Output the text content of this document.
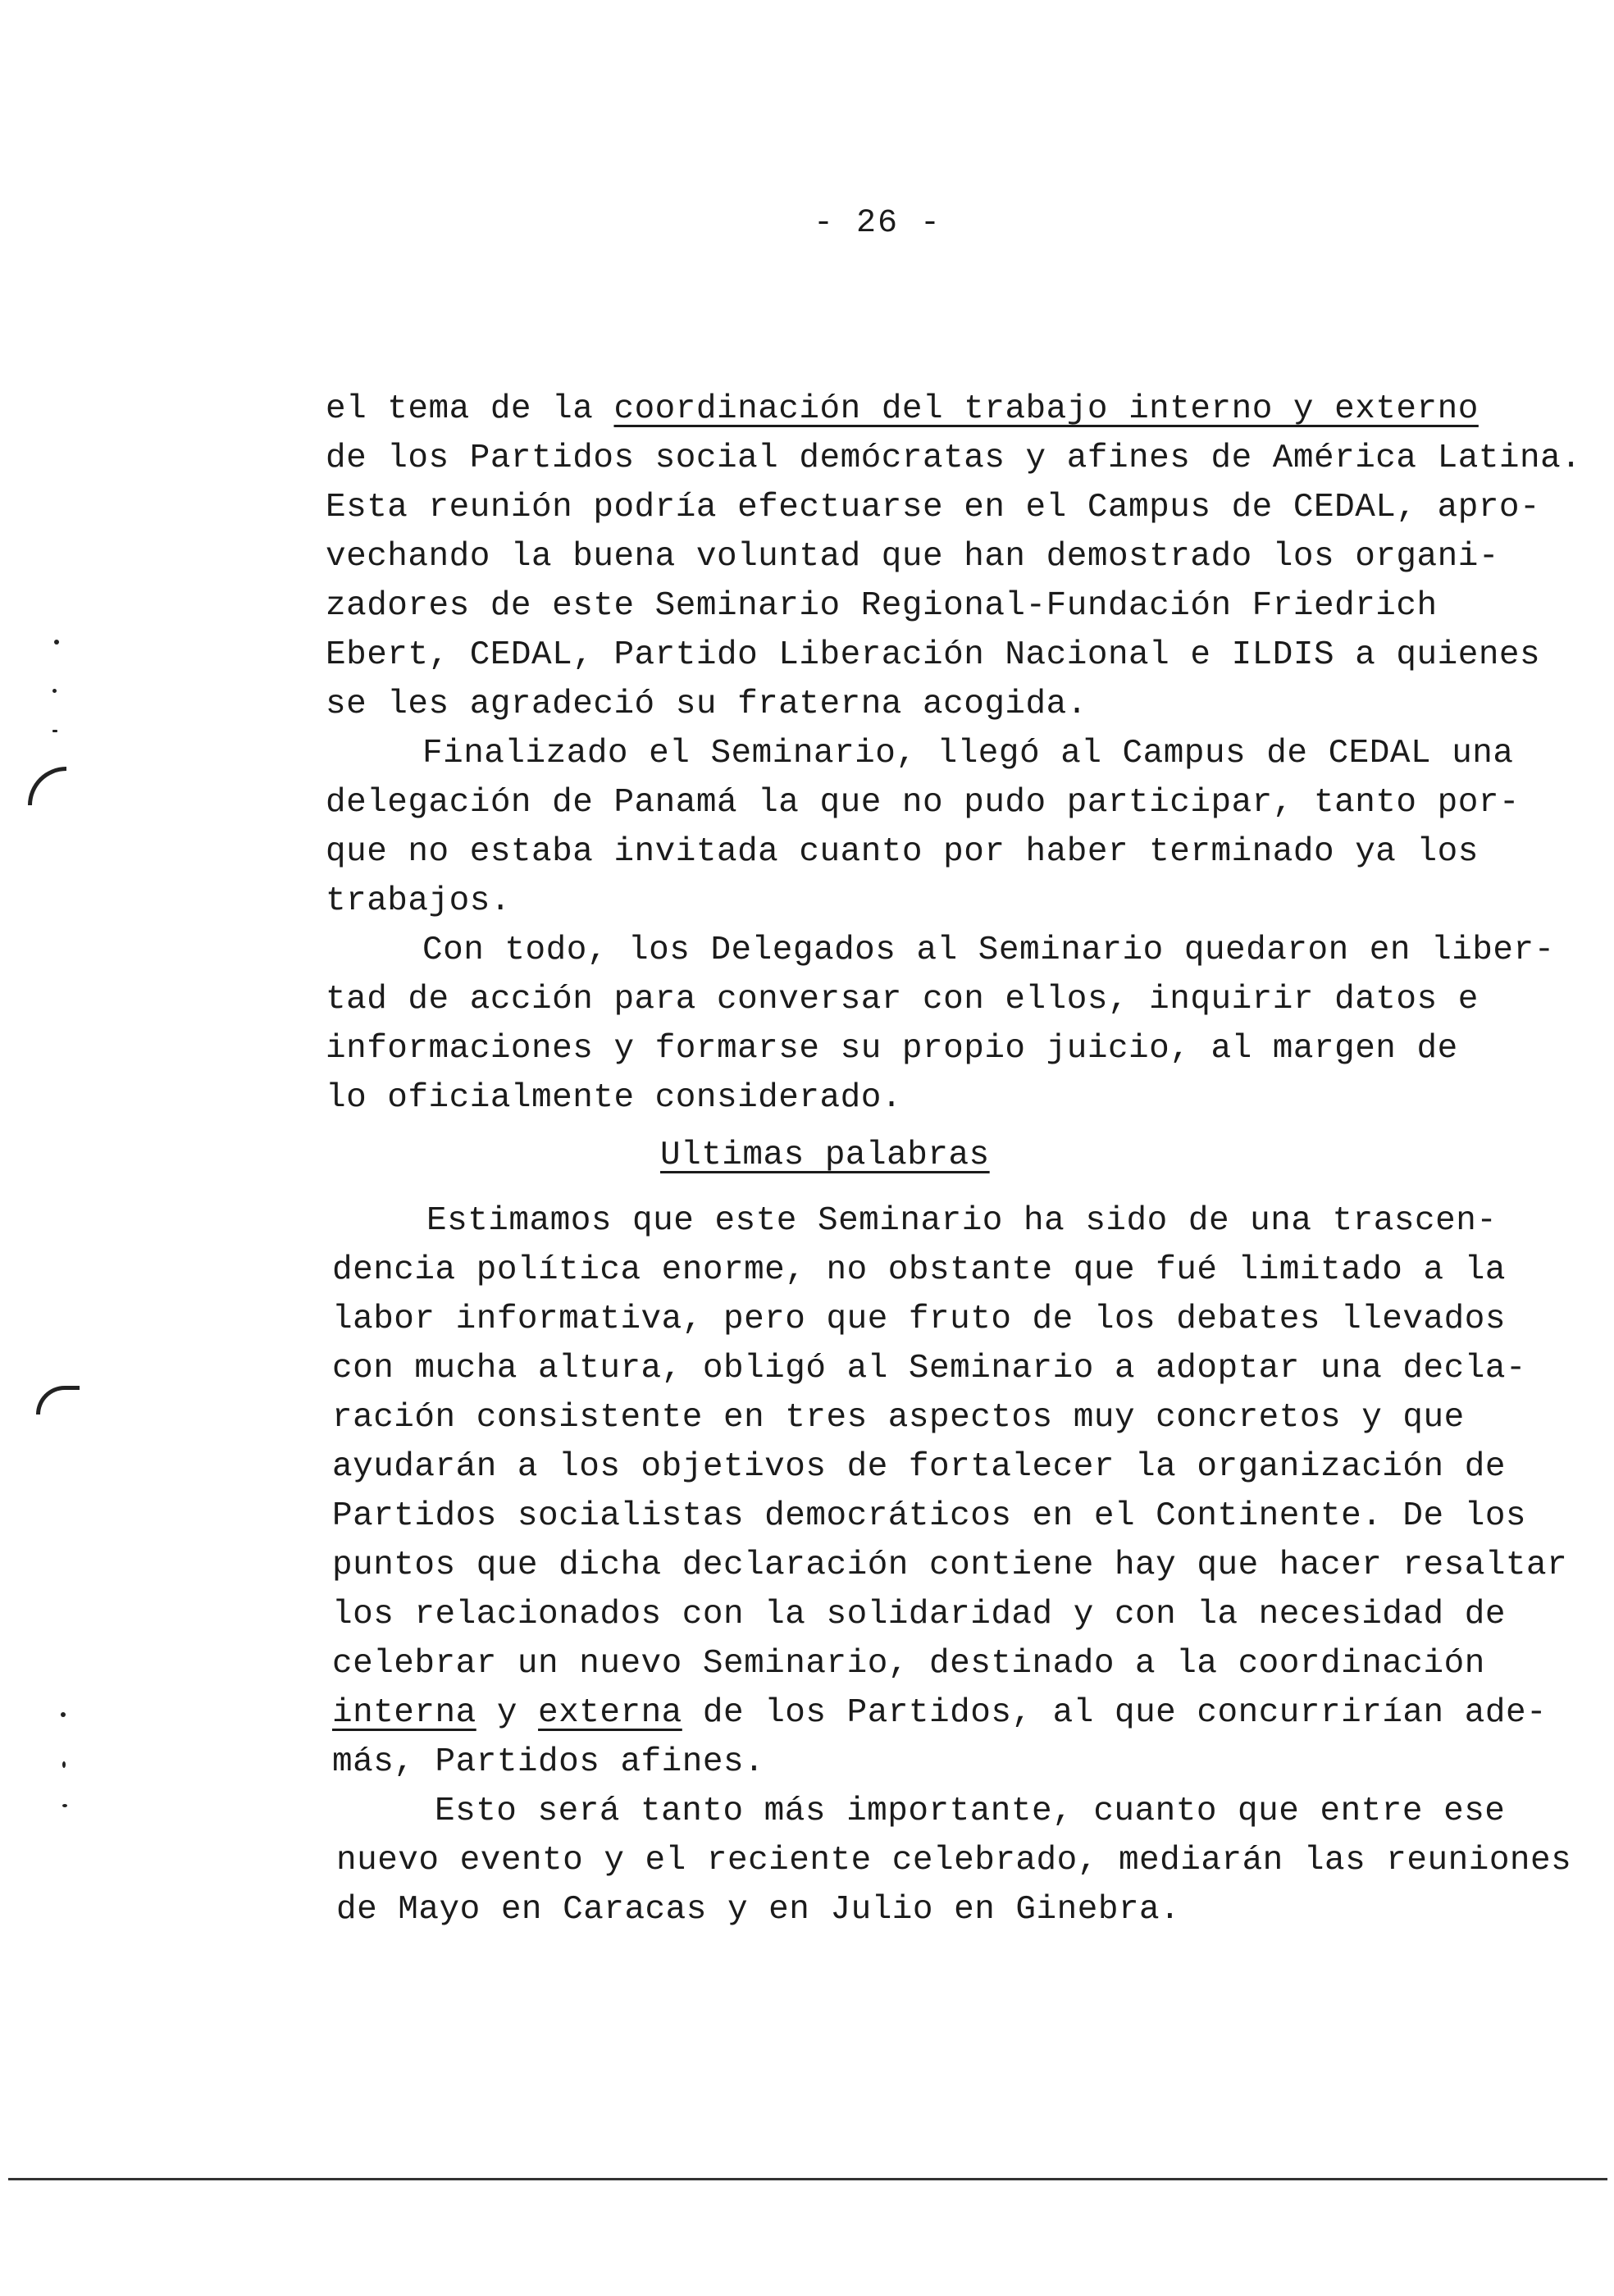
- 26 -
el tema de la coordinación del trabajo interno y externo
de los Partidos social demócratas y afines de América Latina.
Esta reunión podría efectuarse en el Campus de CEDAL, apro-
vechando la buena voluntad que han demostrado los organi-
zadores de este Seminario Regional-Fundación Friedrich
Ebert, CEDAL, Partido Liberación Nacional e ILDIS a quienes
se les agradeció su fraterna acogida.
Finalizado el Seminario, llegó al Campus de CEDAL una
delegación de Panamá la que no pudo participar, tanto por-
que no estaba invitada cuanto por haber terminado ya los
trabajos.
Con todo, los Delegados al Seminario quedaron en liber-
tad de acción para conversar con ellos, inquirir datos e
informaciones y formarse su propio juicio, al margen de
lo oficialmente considerado.
Ultimas palabras
Estimamos que este Seminario ha sido de una trascen-
dencia política enorme, no obstante que fué limitado a la
labor informativa, pero que fruto de los debates llevados
con mucha altura, obligó al Seminario a adoptar una decla-
ración consistente en tres aspectos muy concretos y que
ayudarán a los objetivos de fortalecer la organización de
Partidos socialistas democráticos en el Continente. De los
puntos que dicha declaración contiene hay que hacer resaltar
los relacionados con la solidaridad y con la necesidad de
celebrar un nuevo Seminario, destinado a la coordinación
interna y externa de los Partidos, al que concurrirían ade-
más, Partidos afines.
Esto será tanto más importante, cuanto que entre ese
nuevo evento y el reciente celebrado, mediarán las reuniones
de Mayo en Caracas y en Julio en Ginebra.
